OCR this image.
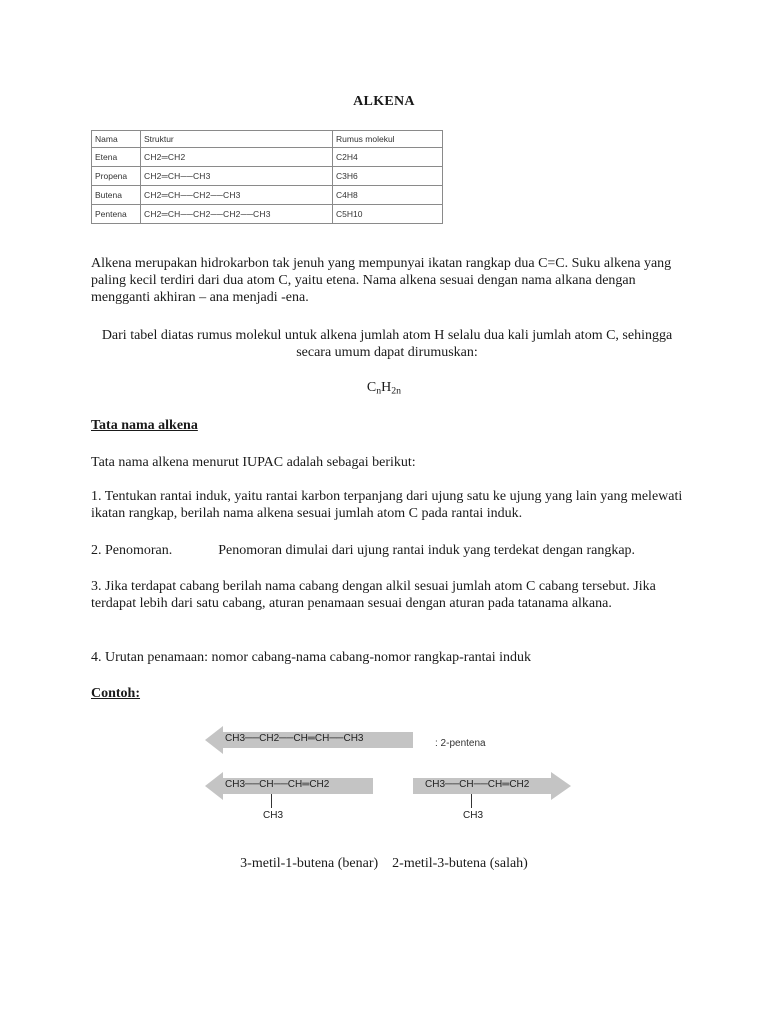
ALKENA
Nama	Struktur	Rumus molekul
Etena	CH2═CH2	C2H4
Propena	CH2═CH──CH3	C3H6
Butena	CH2═CH──CH2──CH3	C4H8
Pentena	CH2═CH──CH2──CH2──CH3	C5H10

Alkena merupakan hidrokarbon tak jenuh yang mempunyai ikatan rangkap dua C=C. Suku alkena yang paling kecil terdiri dari dua atom C, yaitu etena. Nama alkena sesuai dengan nama alkana dengan mengganti akhiran – ana menjadi -ena.

Dari tabel diatas rumus molekul untuk alkena jumlah atom H selalu dua kali jumlah atom C, sehingga secara umum dapat dirumuskan:

$C_nH_{2n}$

Tata nama alkena

Tata nama alkena menurut IUPAC adalah sebagai berikut:

1. Tentukan rantai induk, yaitu rantai karbon terpanjang dari ujung satu ke ujung yang lain yang melewati ikatan rangkap, berilah nama alkena sesuai jumlah atom C pada rantai induk.

2. Penomoran.	Penomoran dimulai dari ujung rantai induk yang terdekat dengan rangkap.

3. Jika terdapat cabang berilah nama cabang dengan alkil sesuai jumlah atom C cabang tersebut. Jika terdapat lebih dari satu cabang, aturan penamaan sesuai dengan aturan pada tatanama alkana.

4. Urutan penamaan: nomor cabang-nama cabang-nomor rangkap-rantai induk

Contoh:

CH3──CH2──CH═CH──CH3	: 2-pentena
CH3──CH──CH═CH2
CH3
CH3──CH──CH═CH2
CH3
3-metil-1-butena (benar)    2-metil-3-butena (salah)
